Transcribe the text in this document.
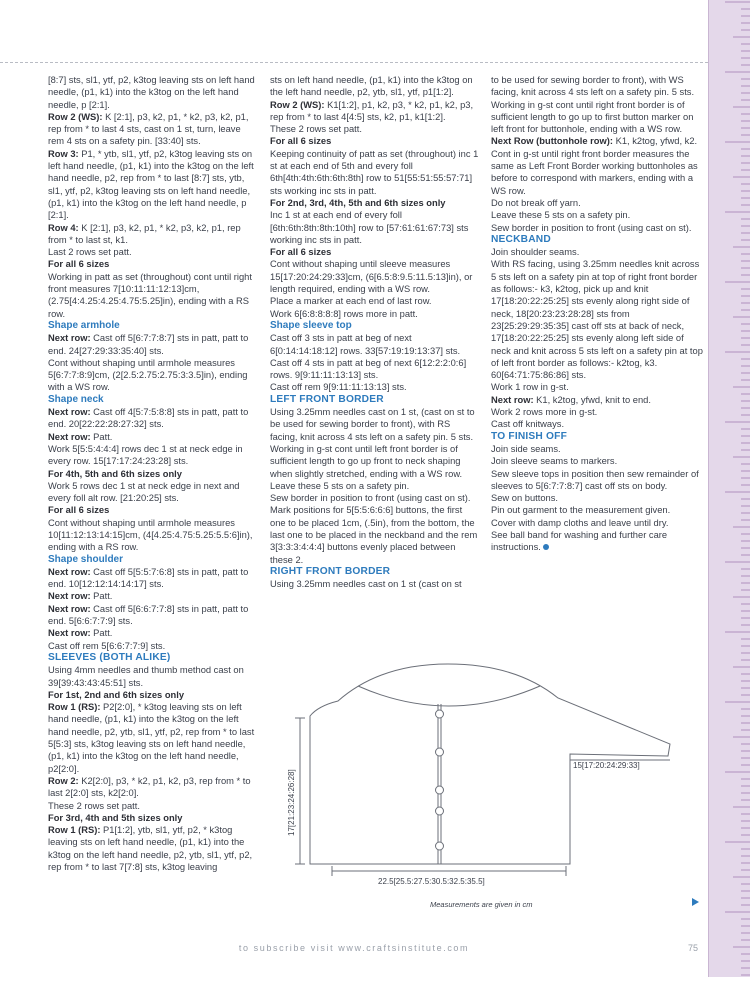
[8:7] sts, sl1, ytf, p2, k3tog leaving sts on left hand needle, (p1, k1) into the k3tog on the left hand needle, p [2:1].

Row 2 (WS): K [2:1], p3, k2, p1, * k2, p3, k2, p1, rep from * to last 4 sts, cast on 1 st, turn, leave rem 4 sts on a safety pin. [33:40] sts.

Row 3: P1, * ytb, sl1, ytf, p2, k3tog leaving sts on left hand needle, (p1, k1) into the k3tog on the left hand needle, p2, rep from * to last [8:7] sts, ytb, sl1, ytf, p2, k3tog leaving sts on left hand needle, (p1, k1) into the k3tog on the left hand needle, p [2:1].

Row 4: K [2:1], p3, k2, p1, * k2, p3, k2, p1, rep from * to last st, k1.

Last 2 rows set patt.

For all 6 sizes

Working in patt as set (throughout) cont until right front measures 7[10:11:11:12:13]cm, (2.75[4:4.25:4.25:4.75:5.25]in), ending with a RS row.

Shape armhole

Next row: Cast off 5[6:7:7:8:7] sts in patt, patt to end. 24[27:29:33:35:40] sts.

Cont without shaping until armhole measures 5[6:7:7:8:9]cm, (2[2.5:2.75:2.75:3:3.5]in), ending with a WS row.

Shape neck

Next row: Cast off 4[5:7:5:8:8] sts in patt, patt to end. 20[22:22:28:27:32] sts.

Next row: Patt.

Work 5[5:5:4:4:4] rows dec 1 st at neck edge in every row. 15[17:17:24:23:28] sts.

For 4th, 5th and 6th sizes only

Work 5 rows dec 1 st at neck edge in next and every foll alt row. [21:20:25] sts.

For all 6 sizes

Cont without shaping until armhole measures 10[11:12:13:14:15]cm, (4[4.25:4.75:5.25:5.5:6]in), ending with a RS row.

Shape shoulder

Next row: Cast off 5[5:5:7:6:8] sts in patt, patt to end. 10[12:12:14:14:17] sts.

Next row: Patt.

Next row: Cast off 5[6:6:7:7:8] sts in patt, patt to end. 5[6:6:7:7:9] sts.

Next row: Patt.

Cast off rem 5[6:6:7:7:9] sts.

SLEEVES (BOTH ALIKE)

Using 4mm needles and thumb method cast on 39[39:43:43:45:51] sts.

For 1st, 2nd and 6th sizes only

Row 1 (RS): P2[2:0], * k3tog leaving sts on left hand needle, (p1, k1) into the k3tog on the left hand needle, p2, ytb, sl1, ytf, p2, rep from * to last 5[5:3] sts, k3tog leaving sts on left hand needle, (p1, k1) into the k3tog on the left hand needle, p2[2:0].

Row 2: K2[2:0], p3, * k2, p1, k2, p3, rep from * to last 2[2:0] sts, k2[2:0].

These 2 rows set patt.

For 3rd, 4th and 5th sizes only

Row 1 (RS): P1[1:2], ytb, sl1, ytf, p2, * k3tog leaving sts on left hand needle, (p1, k1) into the k3tog on the left hand needle, p2, ytb, sl1, ytf, p2, rep from * to last 7[7:8] sts, k3tog leaving

sts on left hand needle, (p1, k1) into the k3tog on the left hand needle, p2, ytb, sl1, ytf, p1[1:2].

Row 2 (WS): K1[1:2], p1, k2, p3, * k2, p1, k2, p3, rep from * to last 4[4:5] sts, k2, p1, k1[1:2].

These 2 rows set patt.

For all 6 sizes

Keeping continuity of patt as set (throughout) inc 1 st at each end of 5th and every foll 6th[4th:4th:6th:6th:8th] row to 51[55:51:55:57:71] sts working inc sts in patt.

For 2nd, 3rd, 4th, 5th and 6th sizes only

Inc 1 st at each end of every foll [6th:6th:8th:8th:10th] row to [57:61:61:67:73] sts working inc sts in patt.

For all 6 sizes

Cont without shaping until sleeve measures 15[17:20:24:29:33]cm, (6[6.5:8:9.5:11.5:13]in), or length required, ending with a WS row.

Place a marker at each end of last row.

Work 6[6:8:8:8:8] rows more in patt.

Shape sleeve top

Cast off 3 sts in patt at beg of next 6[0:14:14:18:12] rows. 33[57:19:19:13:37] sts.

Cast off 4 sts in patt at beg of next 6[12:2:2:0:6] rows. 9[9:11:11:13:13] sts.

Cast off rem 9[9:11:11:13:13] sts.

LEFT FRONT BORDER

Using 3.25mm needles cast on 1 st, (cast on st to be used for sewing border to front), with RS facing, knit across 4 sts left on a safety pin. 5 sts. Working in g-st cont until left front border is of sufficient length to go up front to neck shaping when slightly stretched, ending with a WS row. Leave these 5 sts on a safety pin.

Sew border in position to front (using cast on st). Mark positions for 5[5:5:6:6:6] buttons, the first one to be placed 1cm, (.5in), from the bottom, the last one to be placed in the neckband and the rem 3[3:3:3:4:4:4] buttons evenly placed between these 2.

RIGHT FRONT BORDER

Using 3.25mm needles cast on 1 st (cast on st

to be used for sewing border to front), with WS facing, knit across 4 sts left on a safety pin. 5 sts. Working in g-st cont until right front border is of sufficient length to go up to first button marker on left front for buttonhole, ending with a WS row.

Next Row (buttonhole row): K1, k2tog, yfwd, k2.

Cont in g-st until right front border measures the same as Left Front Border working buttonholes as before to correspond with markers, ending with a WS row.

Do not break off yarn.

Leave these 5 sts on a safety pin.

Sew border in position to front (using cast on st).

NECKBAND

Join shoulder seams.

With RS facing, using 3.25mm needles knit across 5 sts left on a safety pin at top of right front border as follows:- k3, k2tog, pick up and knit 17[18:20:22:25:25] sts evenly along right side of neck, 18[20:23:23:28:28] sts from 23[25:29:29:35:35] cast off sts at back of neck, 17[18:20:22:25:25] sts evenly along left side of neck and knit across 5 sts left on a safety pin at top of left front border as follows:- k2tog, k3. 60[64:71:75:86:86] sts.

Work 1 row in g-st.

Next row: K1, k2tog, yfwd, knit to end.

Work 2 rows more in g-st.

Cast off knitways.

TO FINISH OFF

Join side seams.

Join sleeve seams to markers.

Sew sleeve tops in position then sew remainder of sleeves to 5[6:7:7:8:7] cast off sts on body.

Sew on buttons.

Pin out garment to the measurement given.

Cover with damp cloths and leave until dry.

See ball band for washing and further care instructions.

17[21:23:24:26:28]
22.5[25.5:27.5:30.5:32.5:35.5]
15[17:20:24:29:33]
Measurements are given in cm
to subscribe visit www.craftsinstitute.com	75
